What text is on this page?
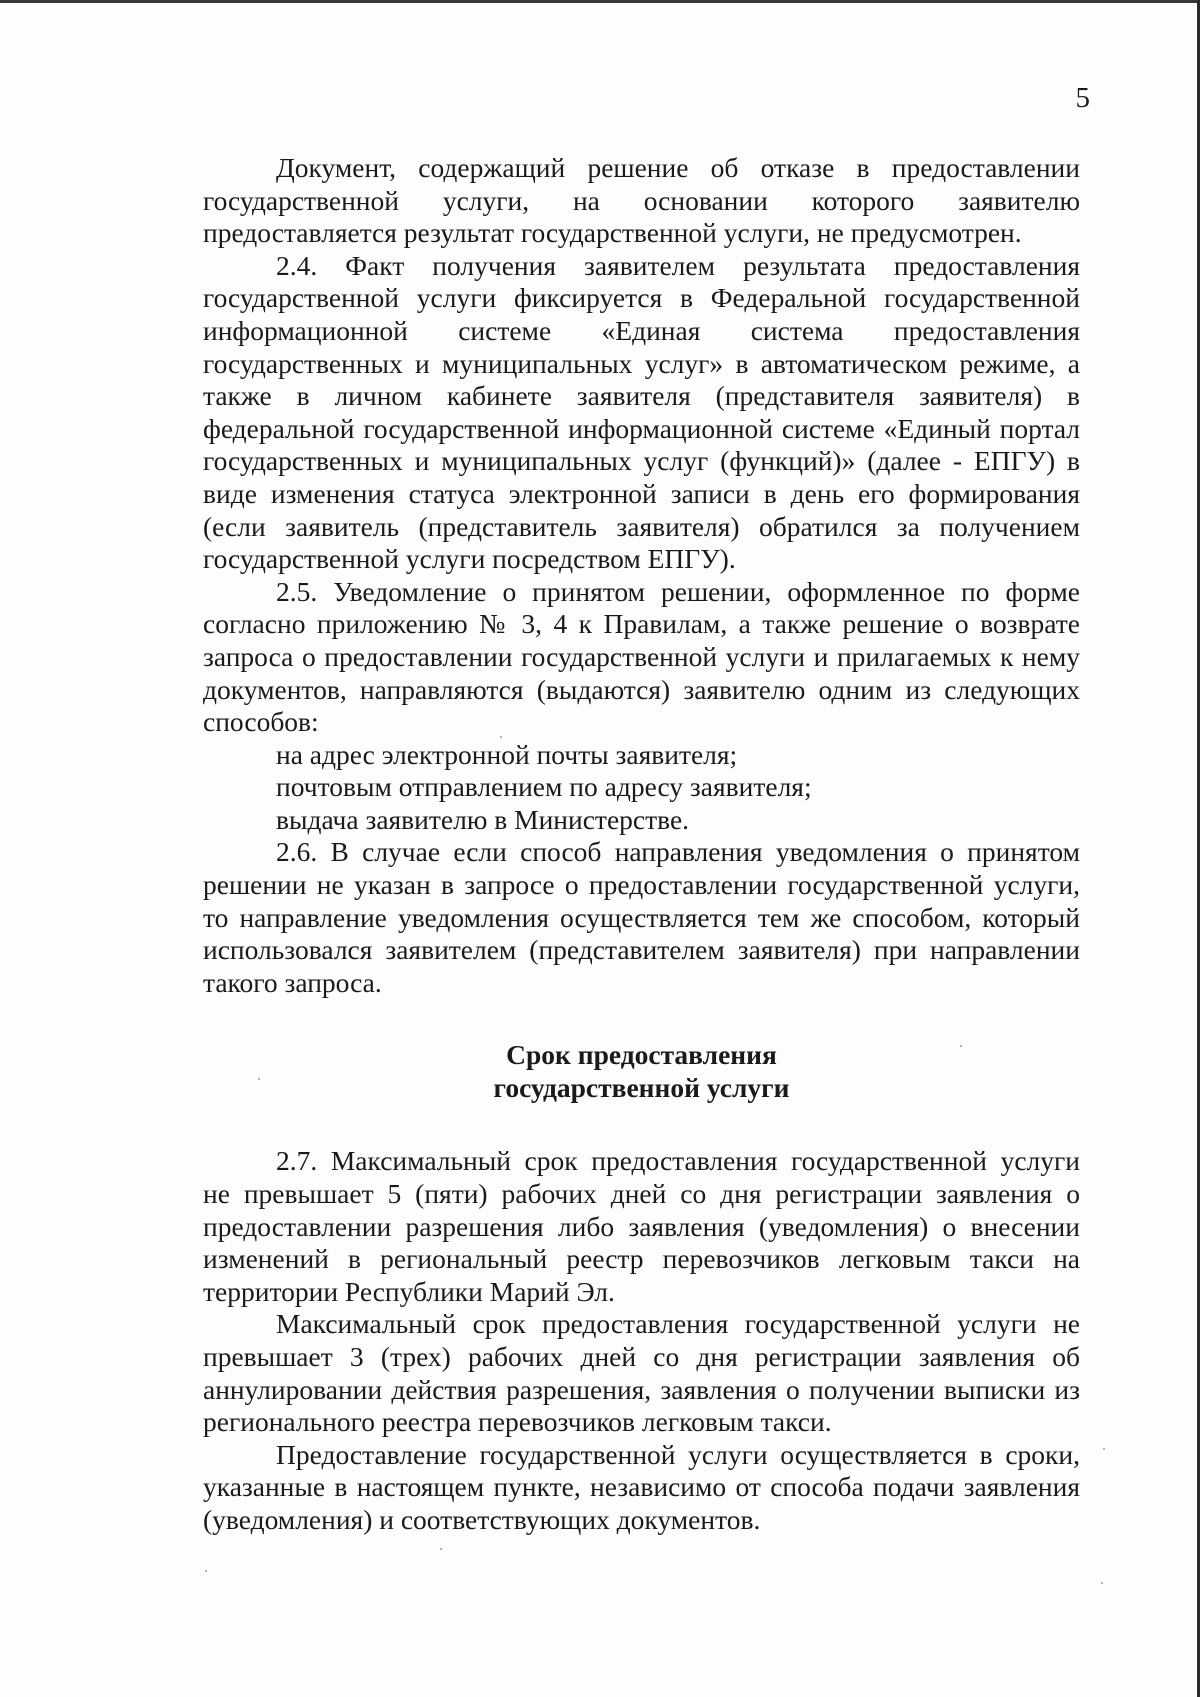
5

Документ, содержащий решение об отказе в предоставлении государственной услуги, на основании которого заявителю предоставляется результат государственной услуги, не предусмотрен.

2.4. Факт получения заявителем результата предоставления государственной услуги фиксируется в Федеральной государственной информационной системе «Единая система предоставления государственных и муниципальных услуг» в автоматическом режиме, а также в личном кабинете заявителя (представителя заявителя) в федеральной государственной информационной системе «Единый портал государственных и муниципальных услуг (функций)» (далее - ЕПГУ) в виде изменения статуса электронной записи в день его формирования (если заявитель (представитель заявителя) обратился за получением государственной услуги посредством ЕПГУ).

2.5. Уведомление о принятом решении, оформленное по форме согласно приложению № 3, 4 к Правилам, а также решение о возврате запроса о предоставлении государственной услуги и прилагаемых к нему документов, направляются (выдаются) заявителю одним из следующих способов:

на адрес электронной почты заявителя;

почтовым отправлением по адресу заявителя;

выдача заявителю в Министерстве.

2.6. В случае если способ направления уведомления о принятом решении не указан в запросе о предоставлении государственной услуги, то направление уведомления осуществляется тем же способом, который использовался заявителем (представителем заявителя) при направлении такого запроса.

Срок предоставления
государственной услуги

2.7. Максимальный срок предоставления государственной услуги не превышает 5 (пяти) рабочих дней со дня регистрации заявления о предоставлении разрешения либо заявления (уведомления) о внесении изменений в региональный реестр перевозчиков легковым такси на территории Республики Марий Эл.

Максимальный срок предоставления государственной услуги не превышает 3 (трех) рабочих дней со дня регистрации заявления об аннулировании действия разрешения, заявления о получении выписки из регионального реестра перевозчиков легковым такси.

Предоставление государственной услуги осуществляется в сроки, указанные в настоящем пункте, независимо от способа подачи заявления (уведомления) и соответствующих документов.
